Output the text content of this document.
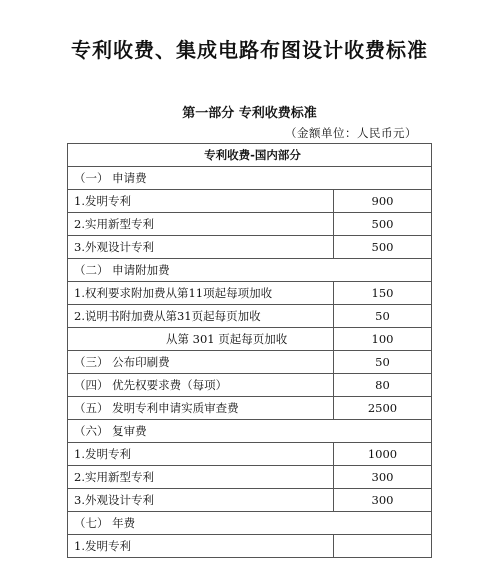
专利收费、集成电路布图设计收费标准
第一部分 专利收费标准
（金额单位：人民币元）
专利收费-国内部分	
（一） 申请费	
1.发明专利	900
2.实用新型专利	500
3.外观设计专利	500
（二） 申请附加费	
1.权利要求附加费从第11项起每项加收	150
2.说明书附加费从第31页起每页加收	50
从第 301 页起每页加收	100
（三） 公布印刷费	50
（四） 优先权要求费（每项）	80
（五） 发明专利申请实质审查费	2500
（六） 复审费	
1.发明专利	1000
2.实用新型专利	300
3.外观设计专利	300
（七） 年费	
1.发明专利	
